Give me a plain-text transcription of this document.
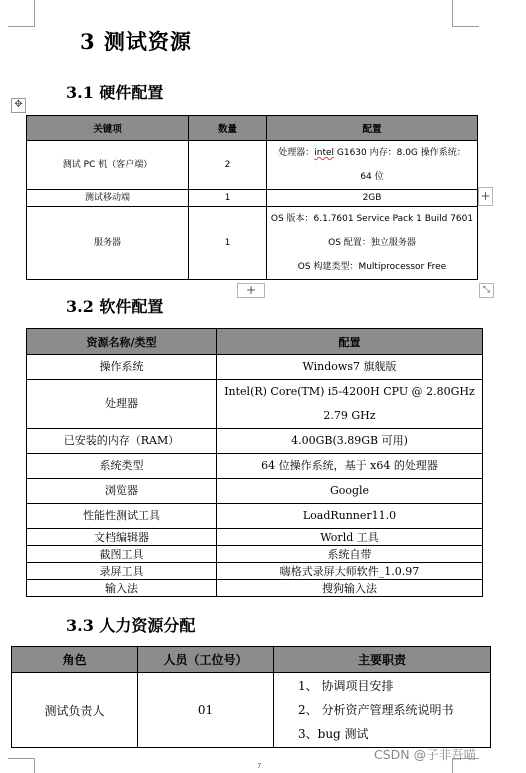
3 测试资源
3.1 硬件配置
✥
关键项	数量	配置
测试 PC 机（客户端）	2	处理器：intel G1630 内存：8.0G 操作系统：
64 位
测试移动端	1	2GB
服务器	1	OS 版本：6.1.7601 Service Pack 1 Build 7601
OS 配置：独立服务器
OS 构建类型：Multiprocessor Free
+
+	⤡
3.2 软件配置
资源名称/类型	配置
操作系统	Windows7 旗舰版
处理器	Intel(R) Core(TM) i5-4200H CPU @ 2.80GHz
2.79 GHz
已安装的内存（RAM）	4.00GB(3.89GB 可用)
系统类型	64 位操作系统，基于 x64 的处理器
浏览器	Google
性能性测试工具	LoadRunner11.0
文档编辑器	World 工具
截图工具	系统自带
录屏工具	嗨格式录屏大师软件_1.0.97
输入法	搜狗输入法
3.3 人力资源分配
角色	人员（工位号）	主要职责
测试负责人	01	1、 协调项目安排
2、 分析资产管理系统说明书
3、bug 测试
CSDN @子非吾喵
7
